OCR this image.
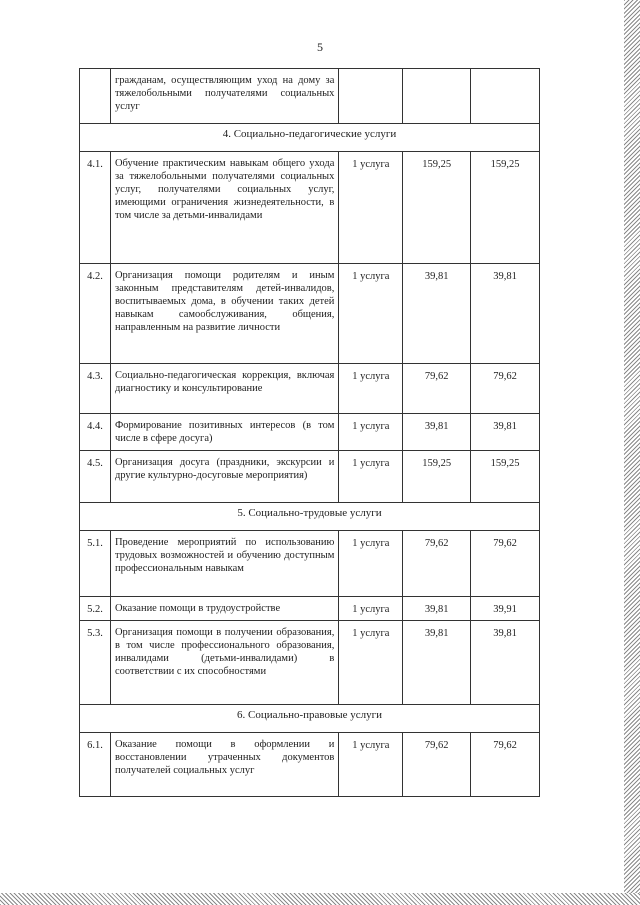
5
	гражданам, осуществляющим уход на дому за тяжелобольными получателями социальных услуг			
4. Социально-педагогические услуги				
4.1.	Обучение практическим навыкам общего ухода за тяжелобольными получателями социальных услуг, получателями социальных услуг, имеющими ограничения жизнедеятельности, в том числе за детьми-инвалидами	1 услуга	159,25	159,25
4.2.	Организация помощи родителям и иным законным представителям детей-инвалидов, воспитываемых дома, в обучении таких детей навыкам самообслуживания, общения, направленным на развитие личности	1 услуга	39,81	39,81
4.3.	Социально-педагогическая коррекция, включая диагностику и консультирование	1 услуга	79,62	79,62
4.4.	Формирование позитивных интересов (в том числе в сфере досуга)	1 услуга	39,81	39,81
4.5.	Организация досуга (праздники, экскурсии и другие культурно-досуговые мероприятия)	1 услуга	159,25	159,25
5. Социально-трудовые услуги				
5.1.	Проведение мероприятий по использованию трудовых возможностей и обучению доступным профессиональным навыкам	1 услуга	79,62	79,62
5.2.	Оказание помощи в трудоустройстве	1 услуга	39,81	39,91
5.3.	Организация помощи в получении образования, в том числе профессионального образования, инвалидами (детьми-инвалидами) в соответствии с их способностями	1 услуга	39,81	39,81
6. Социально-правовые услуги				
6.1.	Оказание помощи в оформлении и восстановлении утраченных документов получателей социальных услуг	1 услуга	79,62	79,62
